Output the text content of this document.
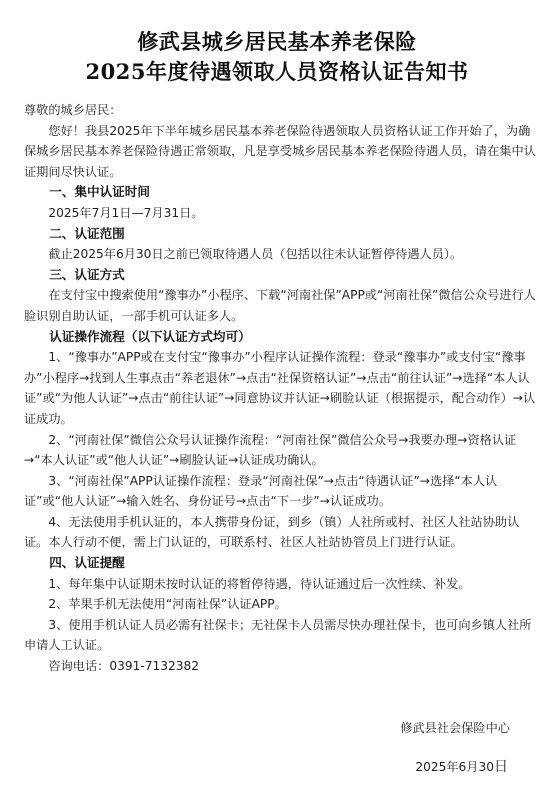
修武县城乡居民基本养老保险
2025年度待遇领取人员资格认证告知书

尊敬的城乡居民：

您好！我县2025年下半年城乡居民基本养老保险待遇领取人员资格认证工作开始了，为确保城乡居民基本养老保险待遇正常领取，凡是享受城乡居民基本养老保险待遇人员，请在集中认证期间尽快认证。

一、集中认证时间

2025年7月1日—7月31日。

二、认证范围

截止2025年6月30日之前已领取待遇人员（包括以往未认证暂停待遇人员）。

三、认证方式

在支付宝中搜索使用“豫事办”小程序、下载“河南社保”APP或“河南社保”微信公众号进行人脸识别自助认证，一部手机可认证多人。

认证操作流程（以下认证方式均可）

1、“豫事办”APP或在支付宝“豫事办”小程序认证操作流程：登录“豫事办”或支付宝“豫事办”小程序→找到人生事点击“养老退休”→点击“社保资格认证”→点击“前往认证”→选择“本人认证”或“为他人认证”→点击“前往认证”→同意协议并认证→刷脸认证（根据提示，配合动作）→认证成功。

2、“河南社保”微信公众号认证操作流程：“河南社保”微信公众号→我要办理→资格认证→“本人认证”或“他人认证”→刷脸认证→认证成功确认。

3、“河南社保”APP认证操作流程：登录“河南社保”→点击“待遇认证”→选择“本人认证”或“他人认证”→输入姓名、身份证号→点击“下一步”→认证成功。

4、无法使用手机认证的，本人携带身份证，到乡（镇）人社所或村、社区人社站协助认证。本人行动不便，需上门认证的，可联系村、社区人社站协管员上门进行认证。

四、认证提醒

1、每年集中认证期未按时认证的将暂停待遇，待认证通过后一次性续、补发。

2、苹果手机无法使用“河南社保”认证APP。

3、使用手机认证人员必需有社保卡；无社保卡人员需尽快办理社保卡，也可向乡镇人社所申请人工认证。

咨询电话：0391-7132382

修武县社会保险中心
2025年6月30日
